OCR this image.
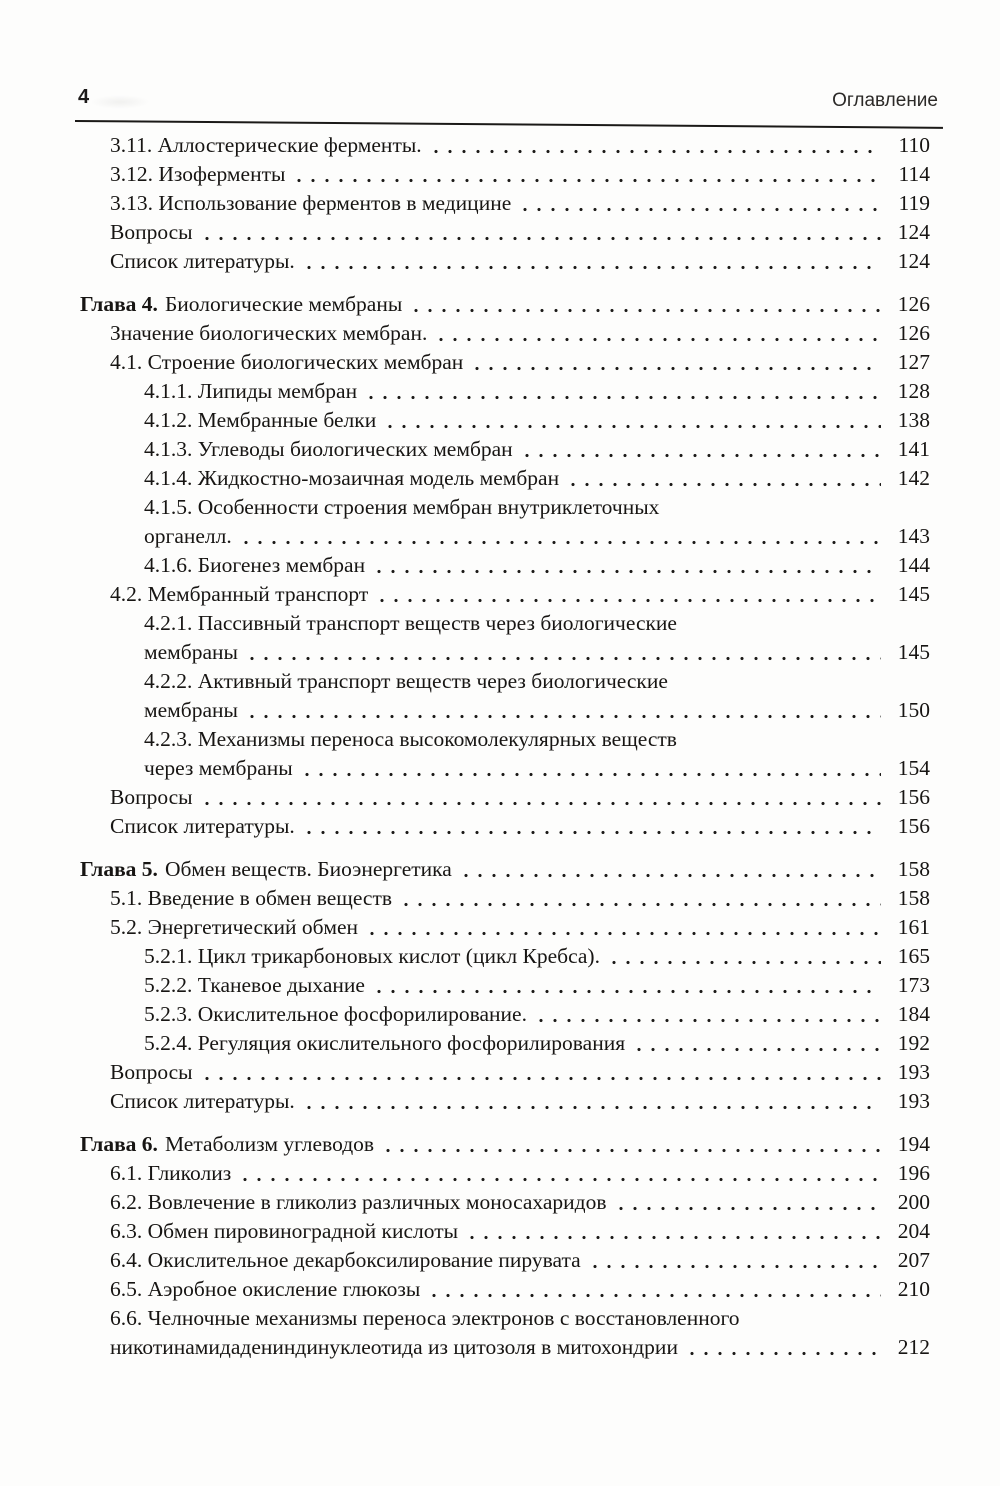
4	Оглавление
3.11. Аллостерические ферменты.	110
3.12. Изоферменты	114
3.13. Использование ферментов в медицине	119
Вопросы	124
Список литературы.	124
Глава 4. Биологические мембраны	126
Значение биологических мембран.	126
4.1. Строение биологических мембран	127
4.1.1. Липиды мембран	128
4.1.2. Мембранные белки	138
4.1.3. Углеводы биологических мембран	141
4.1.4. Жидкостно-мозаичная модель мембран	142
4.1.5. Особенности строения мембран внутриклеточных
органелл.	143
4.1.6. Биогенез мембран	144
4.2. Мембранный транспорт	145
4.2.1. Пассивный транспорт веществ через биологические
мембраны	145
4.2.2. Активный транспорт веществ через биологические
мембраны	150
4.2.3. Механизмы переноса высокомолекулярных веществ
через мембраны	154
Вопросы	156
Список литературы.	156
Глава 5. Обмен веществ. Биоэнергетика	158
5.1. Введение в обмен веществ	158
5.2. Энергетический обмен	161
5.2.1. Цикл трикарбоновых кислот (цикл Кребса).	165
5.2.2. Тканевое дыхание	173
5.2.3. Окислительное фосфорилирование.	184
5.2.4. Регуляция окислительного фосфорилирования	192
Вопросы	193
Список литературы.	193
Глава 6. Метаболизм углеводов	194
6.1. Гликолиз	196
6.2. Вовлечение в гликолиз различных моносахаридов	200
6.3. Обмен пировиноградной кислоты	204
6.4. Окислительное декарбоксилирование пирувата	207
6.5. Аэробное окисление глюкозы	210
6.6. Челночные механизмы переноса электронов с восстановленного
никотинамидадениндинуклеотида из цитозоля в митохондрии	212
